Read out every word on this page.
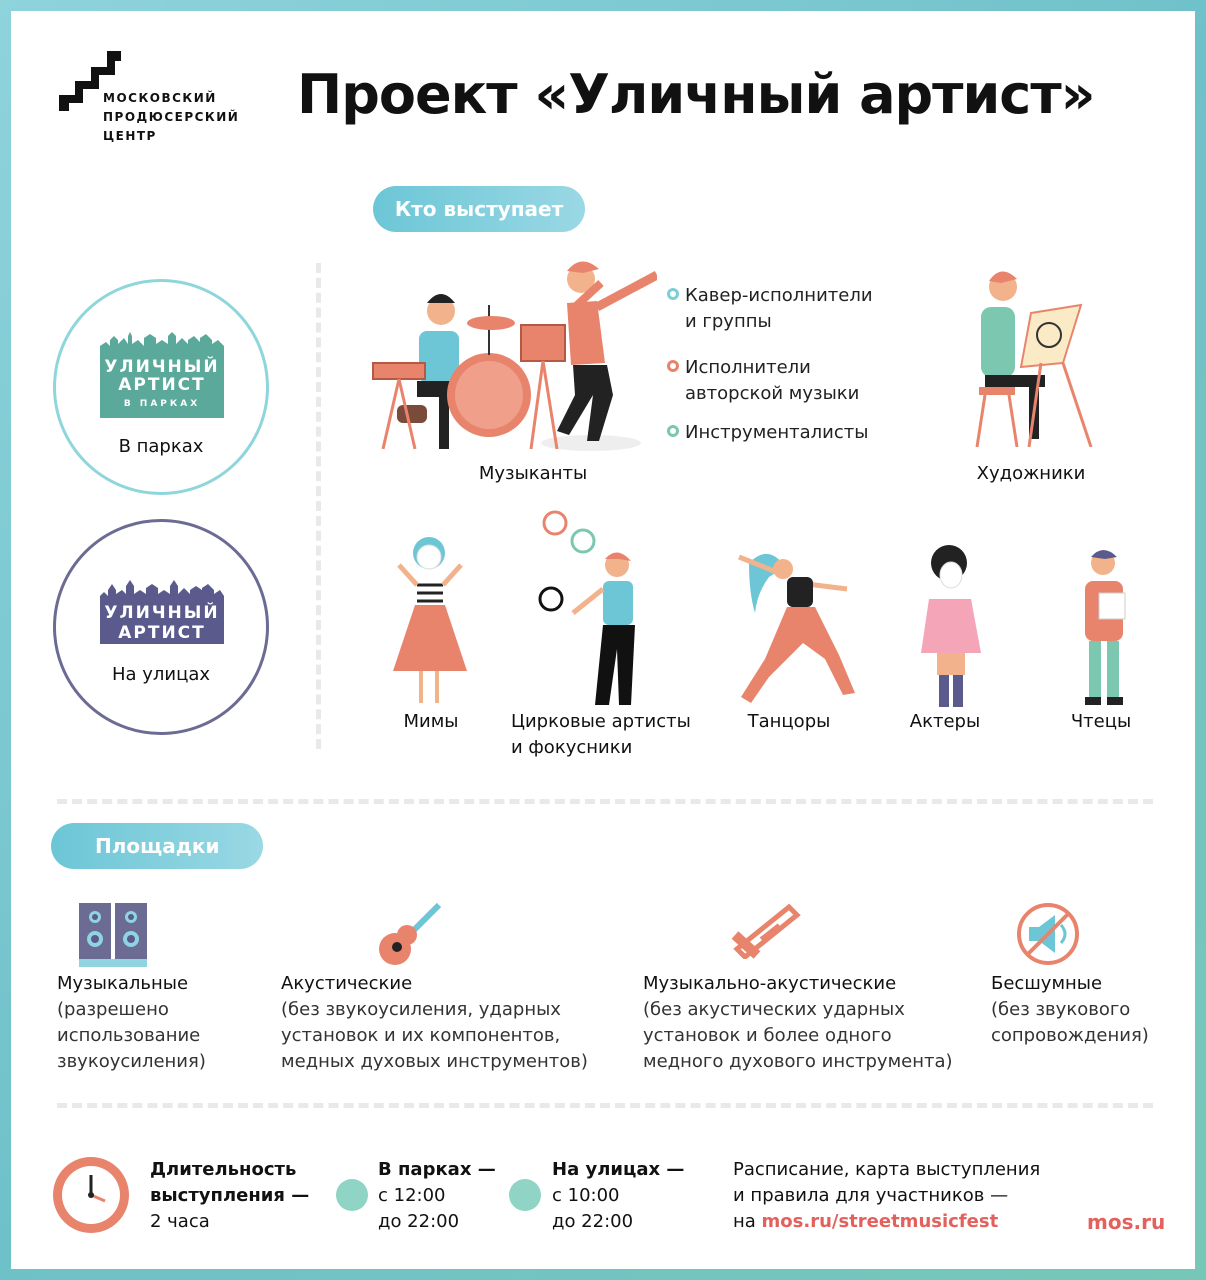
МОСКОВСКИЙ
ПРОДЮСЕРСКИЙ
ЦЕНТР
Проект «Уличный артист»
Кто выступает
УЛИЧНЫЙ
АРТИСТ
В ПАРКАХ
В парках
УЛИЧНЫЙ
АРТИСТ
На улицах
Кавер-исполнители
и группы
Исполнители
авторской музыки
Инструменталисты
Музыканты	Художники
Мимы	Цирковые артисты
и фокусники
Танцоры	Актеры	Чтецы
Площадки
Музыкальные
(разрешено
использование
звукоусиления)
Акустические
(без звукоусиления, ударных
установок и их компонентов,
медных духовых инструментов)
Музыкально-акустические
(без акустических ударных
установок и более одного
медного духового инструмента)
Бесшумные
(без звукового
сопровождения)
Длительность
выступления —
2 часа
В парках —
с 12:00
до 22:00
На улицах —
с 10:00
до 22:00
Расписание, карта выступления
и правила для участников —
на mos.ru/streetmusicfest	mos.ru
